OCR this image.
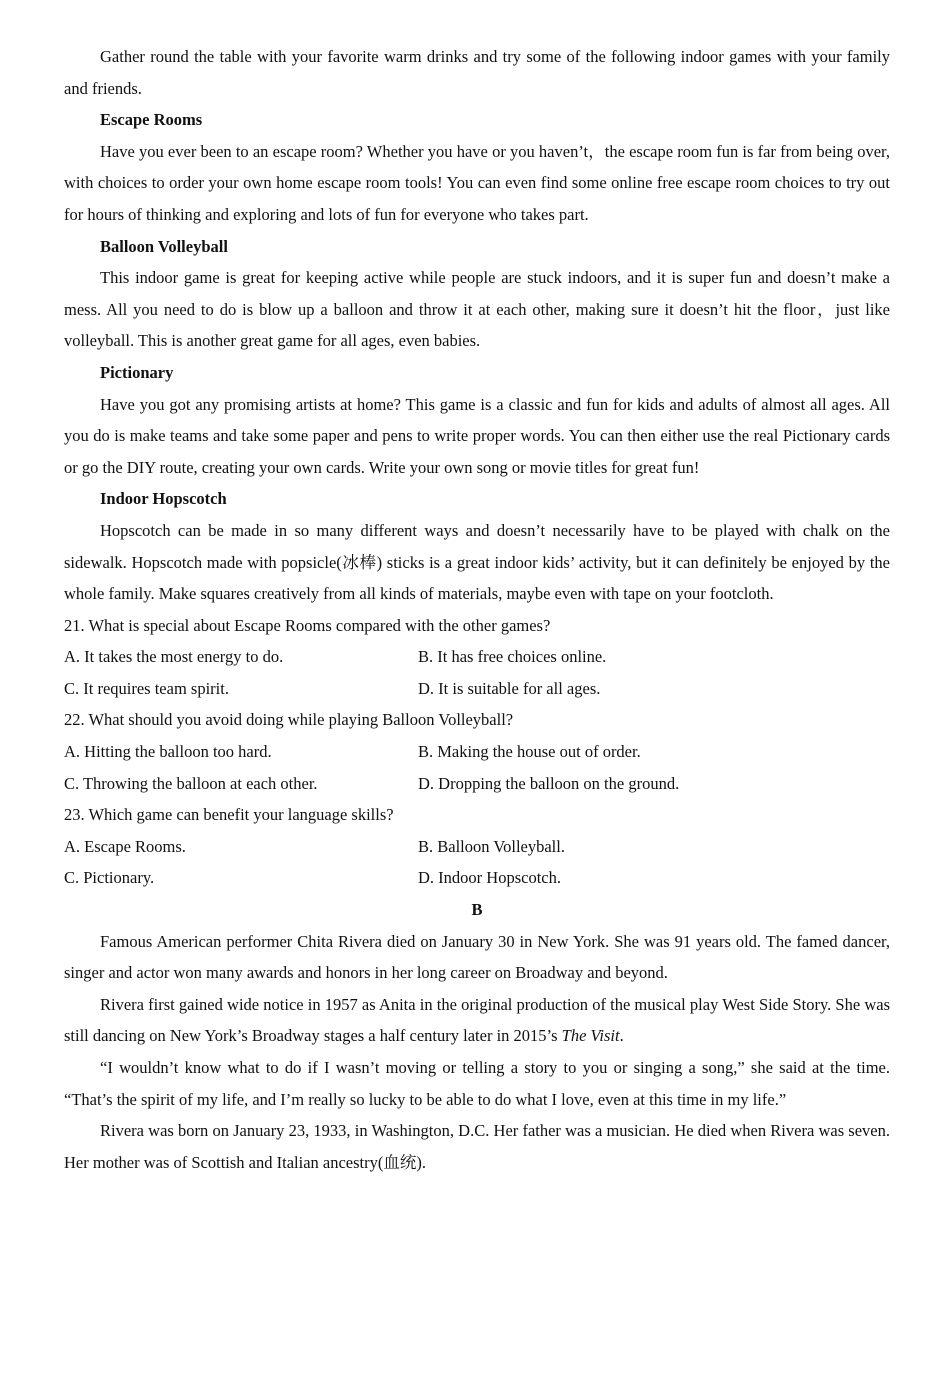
Gather round the table with your favorite warm drinks and try some of the following indoor games with your family and friends.

Escape Rooms

Have you ever been to an escape room? Whether you have or you haven’t，the escape room fun is far from being over, with choices to order your own home escape room tools! You can even find some online free escape room choices to try out for hours of thinking and exploring and lots of fun for everyone who takes part.

Balloon Volleyball

This indoor game is great for keeping active while people are stuck indoors, and it is super fun and doesn’t make a mess. All you need to do is blow up a balloon and throw it at each other, making sure it doesn’t hit the floor，just like volleyball. This is another great game for all ages, even babies.

Pictionary

Have you got any promising artists at home? This game is a classic and fun for kids and adults of almost all ages. All you do is make teams and take some paper and pens to write proper words. You can then either use the real Pictionary cards or go the DIY route, creating your own cards. Write your own song or movie titles for great fun!

Indoor Hopscotch

Hopscotch can be made in so many different ways and doesn’t necessarily have to be played with chalk on the sidewalk. Hopscotch made with popsicle(冰棒) sticks is a great indoor kids’ activity, but it can definitely be enjoyed by the whole family. Make squares creatively from all kinds of materials, maybe even with tape on your footcloth.

21. What is special about Escape Rooms compared with the other games?

A. It takes the most energy to do.	B. It has free choices online.
C. It requires team spirit.	D. It is suitable for all ages.

22. What should you avoid doing while playing Balloon Volleyball?

A. Hitting the balloon too hard.	B. Making the house out of order.
C. Throwing the balloon at each other.	D. Dropping the balloon on the ground.

23. Which game can benefit your language skills?

A. Escape Rooms.	B. Balloon Volleyball.
C. Pictionary.	D. Indoor Hopscotch.

B

Famous American performer Chita Rivera died on January 30 in New York. She was 91 years old. The famed dancer, singer and actor won many awards and honors in her long career on Broadway and beyond.

Rivera first gained wide notice in 1957 as Anita in the original production of the musical play West Side Story. She was still dancing on New York’s Broadway stages a half century later in 2015’s The Visit.

“I wouldn’t know what to do if I wasn’t moving or telling a story to you or singing a song,” she said at the time. “That’s the spirit of my life, and I’m really so lucky to be able to do what I love, even at this time in my life.”

Rivera was born on January 23, 1933, in Washington, D.C. Her father was a musician. He died when Rivera was seven. Her mother was of Scottish and Italian ancestry(血统).
